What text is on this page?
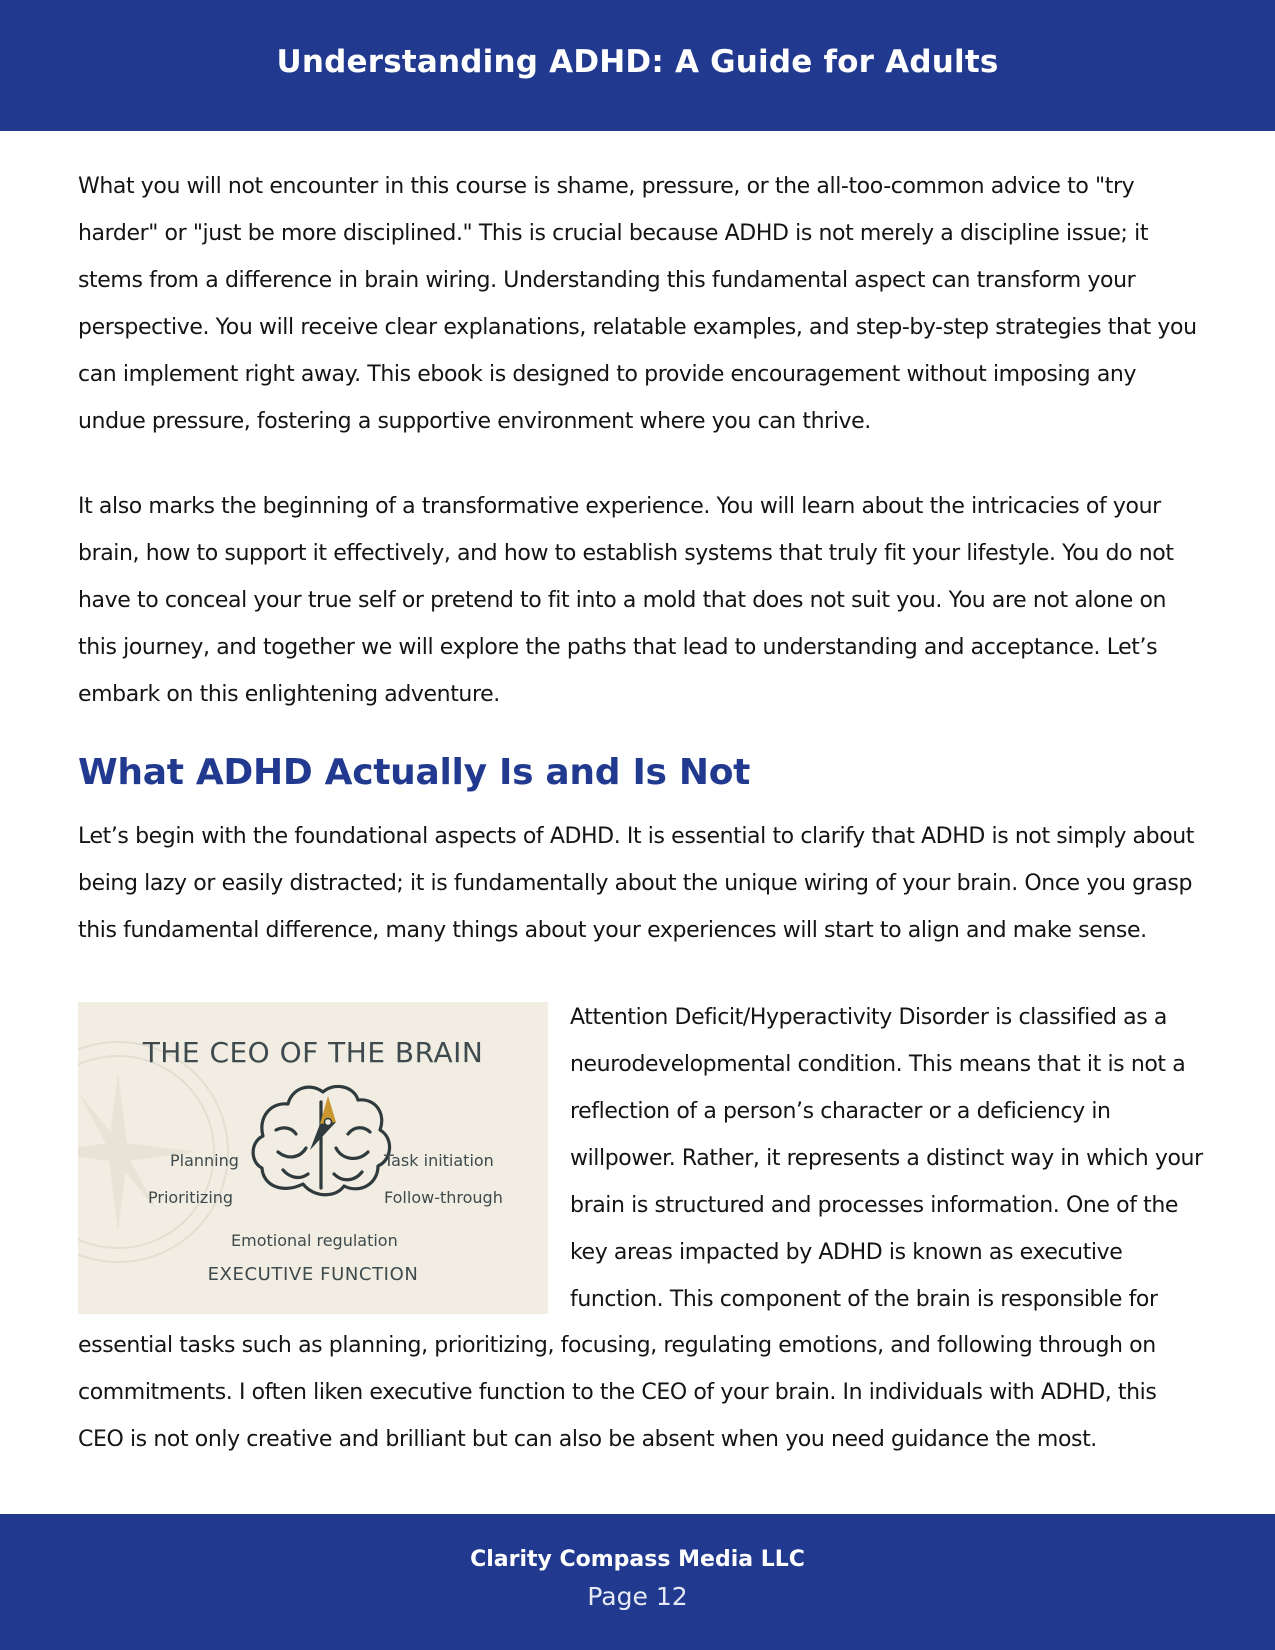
Understanding ADHD: A Guide for Adults

What you will not encounter in this course is shame, pressure, or the all-too-common advice to "try harder" or "just be more disciplined." This is crucial because ADHD is not merely a discipline issue; it stems from a difference in brain wiring. Understanding this fundamental aspect can transform your perspective. You will receive clear explanations, relatable examples, and step-by-step strategies that you can implement right away. This ebook is designed to provide encouragement without imposing any undue pressure, fostering a supportive environment where you can thrive.

It also marks the beginning of a transformative experience. You will learn about the intricacies of your brain, how to support it effectively, and how to establish systems that truly fit your lifestyle. You do not have to conceal your true self or pretend to fit into a mold that does not suit you. You are not alone on this journey, and together we will explore the paths that lead to understanding and acceptance. Let’s embark on this enlightening adventure.

What ADHD Actually Is and Is Not

Let’s begin with the foundational aspects of ADHD. It is essential to clarify that ADHD is not simply about being lazy or easily distracted; it is fundamentally about the unique wiring of your brain. Once you grasp this fundamental difference, many things about your experiences will start to align and make sense.

THE CEO OF THE BRAIN

Planning

Prioritizing

Task initiation

Follow-through

Emotional regulation

EXECUTIVE FUNCTION

Attention Deficit/Hyperactivity Disorder is classified as a neurodevelopmental condition. This means that it is not a reflection of a person’s character or a deficiency in willpower. Rather, it represents a distinct way in which your brain is structured and processes information. One of the key areas impacted by ADHD is known as executive function. This component of the brain is responsible for

essential tasks such as planning, prioritizing, focusing, regulating emotions, and following through on commitments. I often liken executive function to the CEO of your brain. In individuals with ADHD, this CEO is not only creative and brilliant but can also be absent when you need guidance the most.

Clarity Compass Media LLC

Page 12
